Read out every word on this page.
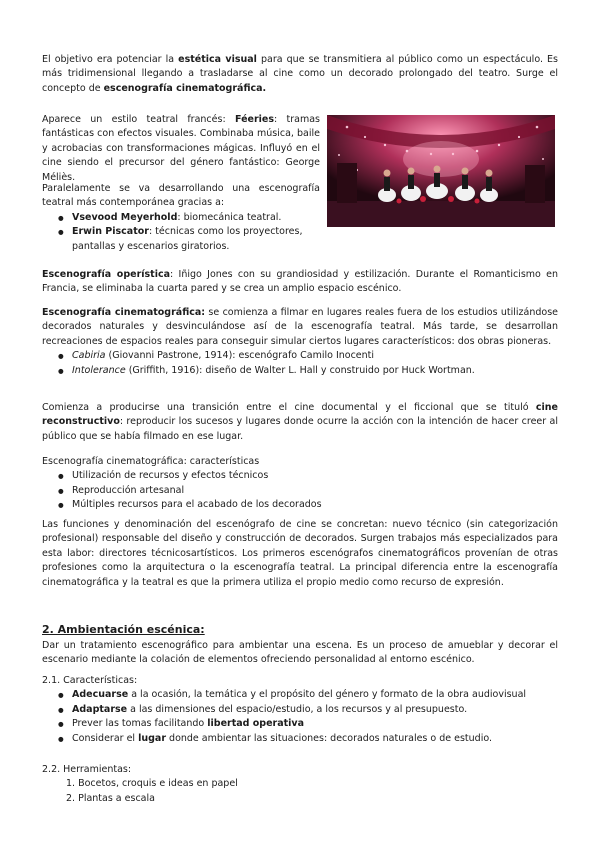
El objetivo era potenciar la estética visual para que se transmitiera al público como un espectáculo. Es más tridimensional llegando a trasladarse al cine como un decorado prolongado del teatro. Surge el concepto de escenografía cinematográfica.

Aparece un estilo teatral francés: Féeries: tramas fantásticas con efectos visuales. Combinaba música, baile y acrobacias con transformaciones mágicas. Influyó en el cine siendo el precursor del género fantástico: George Méliès.

Paralelamente se va desarrollando una escenografía teatral más contemporánea gracias a:

● Vsevood Meyerhold: biomecánica teatral.
● Erwin Piscator: técnicas como los proyectores, pantallas y escenarios giratorios.

Escenografía operística: Iñigo Jones con su grandiosidad y estilización. Durante el Romanticismo en Francia, se eliminaba la cuarta pared y se crea un amplio espacio escénico.

Escenografía cinematográfica: se comienza a filmar en lugares reales fuera de los estudios utilizándose decorados naturales y desvinculándose así de la escenografía teatral. Más tarde, se desarrollan recreaciones de espacios reales para conseguir simular ciertos lugares característicos: dos obras pioneras.

● Cabiria (Giovanni Pastrone, 1914): escenógrafo Camilo Inocenti
● Intolerance (Griffith, 1916): diseño de Walter L. Hall y construido por Huck Wortman.

Comienza a producirse una transición entre el cine documental y el ficcional que se tituló cine reconstructivo: reproducir los sucesos y lugares donde ocurre la acción con la intención de hacer creer al público que se había filmado en ese lugar.

Escenografía cinematográfica: características

● Utilización de recursos y efectos técnicos
● Reproducción artesanal
● Múltiples recursos para el acabado de los decorados

Las funciones y denominación del escenógrafo de cine se concretan: nuevo técnico (sin categorización profesional) responsable del diseño y construcción de decorados. Surgen trabajos más especializados para esta labor: directores técnicosartísticos. Los primeros escenógrafos cinematográficos provenían de otras profesiones como la arquitectura o la escenografía teatral. La principal diferencia entre la escenografía cinematográfica y la teatral es que la primera utiliza el propio medio como recurso de expresión.

2. Ambientación escénica:

Dar un tratamiento escenográfico para ambientar una escena. Es un proceso de amueblar y decorar el escenario mediante la colación de elementos ofreciendo personalidad al entorno escénico.

2.1. Características:

● Adecuarse a la ocasión, la temática y el propósito del género y formato de la obra audiovisual
● Adaptarse a las dimensiones del espacio/estudio, a los recursos y al presupuesto.
● Prever las tomas facilitando libertad operativa
● Considerar el lugar donde ambientar las situaciones: decorados naturales o de estudio.

2.2. Herramientas:

1. Bocetos, croquis e ideas en papel
2. Plantas a escala
